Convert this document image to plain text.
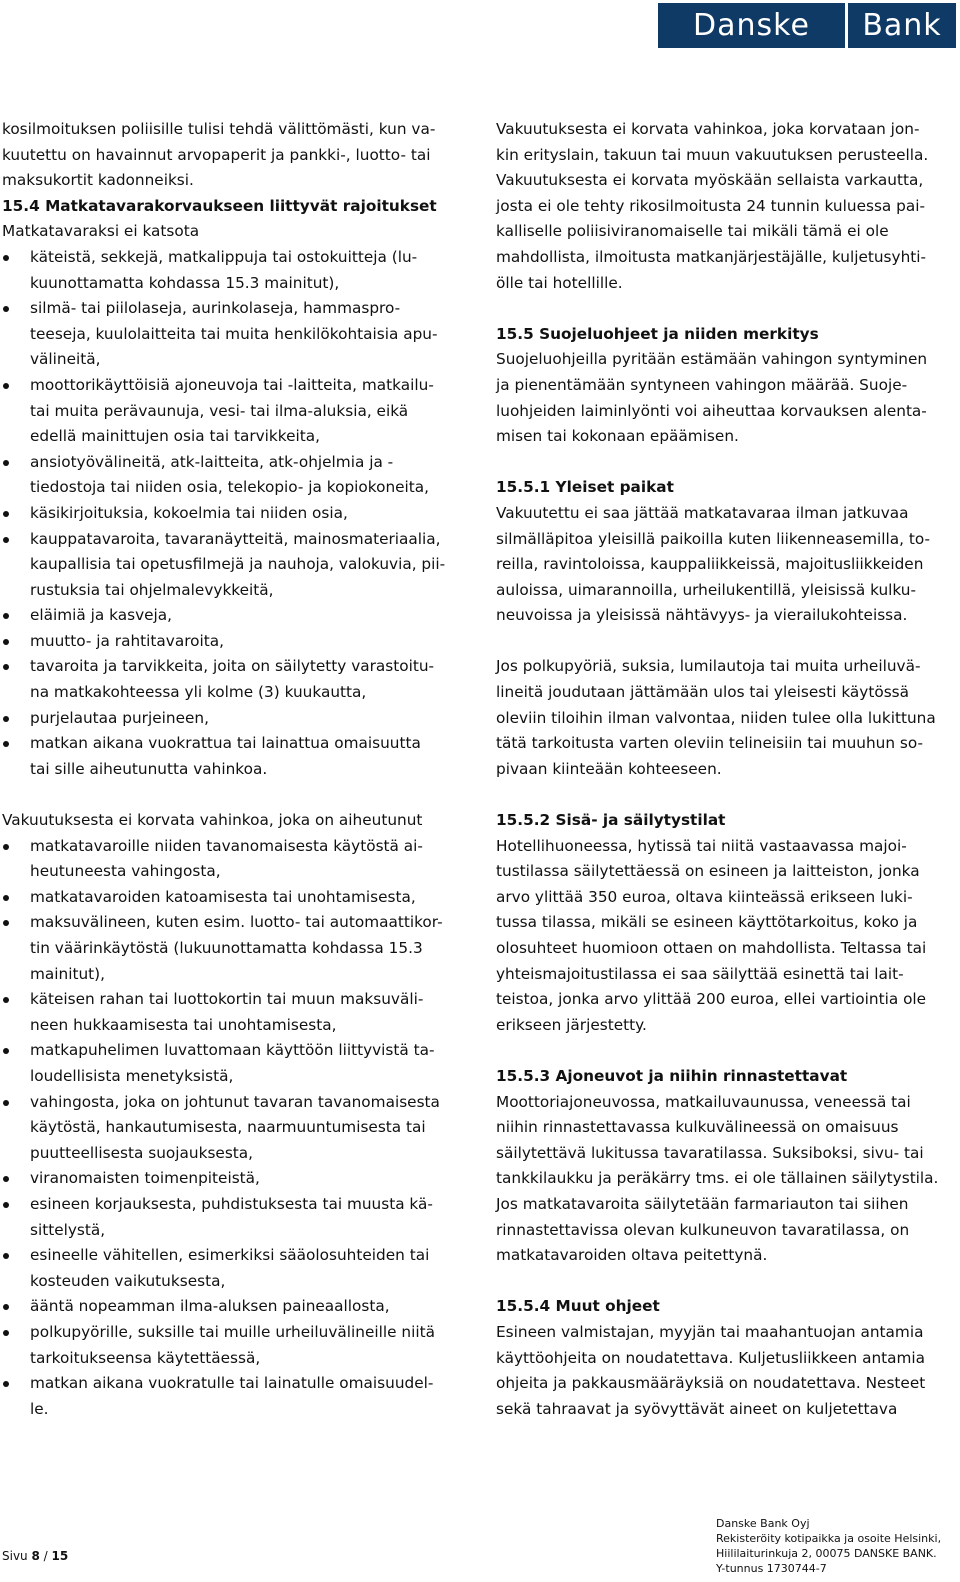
Danske	Bank
kosilmoituksen poliisille tulisi tehdä välittömästi, kun va-
kuutettu on havainnut arvopaperit ja pankki-, luotto- tai
maksukortit kadonneiksi.
15.4 Matkatavarakorvaukseen liittyvät rajoitukset
Matkatavaraksi ei katsota
käteistä, sekkejä, matkalippuja tai ostokuitteja (lu-
kuunottamatta kohdassa 15.3 mainitut),
silmä- tai piilolaseja, aurinkolaseja, hammaspro-
teeseja, kuulolaitteita tai muita henkilökohtaisia apu-
välineitä,
moottorikäyttöisiä ajoneuvoja tai -laitteita, matkailu-
tai muita perävaunuja, vesi- tai ilma-aluksia, eikä
edellä mainittujen osia tai tarvikkeita,
ansiotyövälineitä, atk-laitteita, atk-ohjelmia ja -
tiedostoja tai niiden osia, telekopio- ja kopiokoneita,
käsikirjoituksia, kokoelmia tai niiden osia,
kauppatavaroita, tavaranäytteitä, mainosmateriaalia,
kaupallisia tai opetusfilmejä ja nauhoja, valokuvia, pii-
rustuksia tai ohjelmalevykkeitä,
eläimiä ja kasveja,
muutto- ja rahtitavaroita,
tavaroita ja tarvikkeita, joita on säilytetty varastoitu-
na matkakohteessa yli kolme (3) kuukautta,
purjelautaa purjeineen,
matkan aikana vuokrattua tai lainattua omaisuutta
tai sille aiheutunutta vahinkoa.
Vakuutuksesta ei korvata vahinkoa, joka on aiheutunut
matkatavaroille niiden tavanomaisesta käytöstä ai-
heutuneesta vahingosta,
matkatavaroiden katoamisesta tai unohtamisesta,
maksuvälineen, kuten esim. luotto- tai automaattikor-
tin väärinkäytöstä (lukuunottamatta kohdassa 15.3
mainitut),
käteisen rahan tai luottokortin tai muun maksuväli-
neen hukkaamisesta tai unohtamisesta,
matkapuhelimen luvattomaan käyttöön liittyvistä ta-
loudellisista menetyksistä,
vahingosta, joka on johtunut tavaran tavanomaisesta
käytöstä, hankautumisesta, naarmuuntumisesta tai
puutteellisesta suojauksesta,
viranomaisten toimenpiteistä,
esineen korjauksesta, puhdistuksesta tai muusta kä-
sittelystä,
esineelle vähitellen, esimerkiksi sääolosuhteiden tai
kosteuden vaikutuksesta,
ääntä nopeamman ilma-aluksen paineaallosta,
polkupyörille, suksille tai muille urheiluvälineille niitä
tarkoitukseensa käytettäessä,
matkan aikana vuokratulle tai lainatulle omaisuudel-
le.
Vakuutuksesta ei korvata vahinkoa, joka korvataan jon-
kin erityslain, takuun tai muun vakuutuksen perusteella.
Vakuutuksesta ei korvata myöskään sellaista varkautta,
josta ei ole tehty rikosilmoitusta 24 tunnin kuluessa pai-
kalliselle poliisiviranomaiselle tai mikäli tämä ei ole
mahdollista, ilmoitusta matkanjärjestäjälle, kuljetusyhti-
ölle tai hotellille.
15.5 Suojeluohjeet ja niiden merkitys
Suojeluohjeilla pyritään estämään vahingon syntyminen
ja pienentämään syntyneen vahingon määrää. Suoje-
luohjeiden laiminlyönti voi aiheuttaa korvauksen alenta-
misen tai kokonaan epäämisen.
15.5.1 Yleiset paikat
Vakuutettu ei saa jättää matkatavaraa ilman jatkuvaa
silmälläpitoa yleisillä paikoilla kuten liikenneasemilla, to-
reilla, ravintoloissa, kauppaliikkeissä, majoitusliikkeiden
auloissa, uimarannoilla, urheilukentillä, yleisissä kulku-
neuvoissa ja yleisissä nähtävyys- ja vierailukohteissa.
Jos polkupyöriä, suksia, lumilautoja tai muita urheiluvä-
lineitä joudutaan jättämään ulos tai yleisesti käytössä
oleviin tiloihin ilman valvontaa, niiden tulee olla lukittuna
tätä tarkoitusta varten oleviin telineisiin tai muuhun so-
pivaan kiinteään kohteeseen.
15.5.2 Sisä- ja säilytystilat
Hotellihuoneessa, hytissä tai niitä vastaavassa majoi-
tustilassa säilytettäessä on esineen ja laitteiston, jonka
arvo ylittää 350 euroa, oltava kiinteässä erikseen luki-
tussa tilassa, mikäli se esineen käyttötarkoitus, koko ja
olosuhteet huomioon ottaen on mahdollista. Teltassa tai
yhteismajoitustilassa ei saa säilyttää esinettä tai lait-
teistoa, jonka arvo ylittää 200 euroa, ellei vartiointia ole
erikseen järjestetty.
15.5.3 Ajoneuvot ja niihin rinnastettavat
Moottoriajoneuvossa, matkailuvaunussa, veneessä tai
niihin rinnastettavassa kulkuvälineessä on omaisuus
säilytettävä lukitussa tavaratilassa. Suksiboksi, sivu- tai
tankkilaukku ja peräkärry tms. ei ole tällainen säilytystila.
Jos matkatavaroita säilytetään farmariauton tai siihen
rinnastettavissa olevan kulkuneuvon tavaratilassa, on
matkatavaroiden oltava peitettynä.
15.5.4 Muut ohjeet
Esineen valmistajan, myyjän tai maahantuojan antamia
käyttöohjeita on noudatettava. Kuljetusliikkeen antamia
ohjeita ja pakkausmääräyksiä on noudatettava. Nesteet
sekä tahraavat ja syövyttävät aineet on kuljetettava
Sivu 8 / 15
Danske Bank Oyj
Rekisteröity kotipaikka ja osoite Helsinki,
Hiililaiturinkuja 2, 00075 DANSKE BANK.
Y-tunnus 1730744-7
